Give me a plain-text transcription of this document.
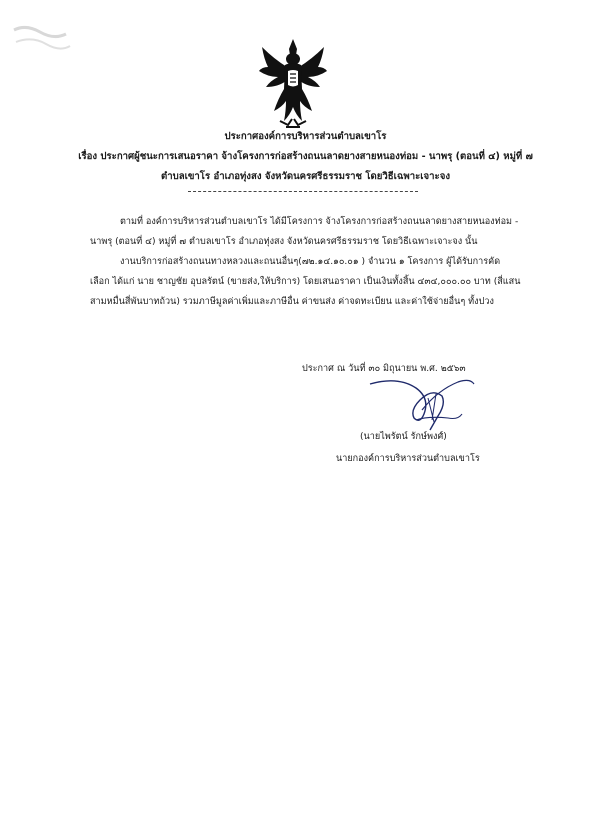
ประกาศองค์การบริหารส่วนตำบลเขาโร
เรื่อง ประกาศผู้ชนะการเสนอราคา จ้างโครงการก่อสร้างถนนลาดยางสายหนองท่อม - นาพรุ (ตอนที่ ๔) หมู่ที่ ๗
ตำบลเขาโร อำเภอทุ่งสง จังหวัดนครศรีธรรมราช โดยวิธีเฉพาะเจาะจง
ตามที่ องค์การบริหารส่วนตำบลเขาโร ได้มีโครงการ จ้างโครงการก่อสร้างถนนลาดยางสายหนองท่อม -
นาพรุ (ตอนที่ ๔) หมู่ที่ ๗ ตำบลเขาโร อำเภอทุ่งสง จังหวัดนครศรีธรรมราช โดยวิธีเฉพาะเจาะจง นั้น
งานบริการก่อสร้างถนนทางหลวงและถนนอื่นๆ(๗๒.๑๔.๑๐.๐๑ ) จำนวน ๑ โครงการ ผู้ได้รับการคัด
เลือก ได้แก่ นาย ชาญชัย อุบลรัตน์ (ขายส่ง,ให้บริการ) โดยเสนอราคา เป็นเงินทั้งสิ้น ๔๓๔,๐๐๐.๐๐ บาท (สี่แสน
สามหมื่นสี่พันบาทถ้วน) รวมภาษีมูลค่าเพิ่มและภาษีอื่น ค่าขนส่ง ค่าจดทะเบียน และค่าใช้จ่ายอื่นๆ ทั้งปวง
ประกาศ ณ วันที่ ๓๐ มิถุนายน พ.ศ. ๒๕๖๓
(นายไพรัตน์ รักษ์พงศ์)
นายกองค์การบริหารส่วนตำบลเขาโร
